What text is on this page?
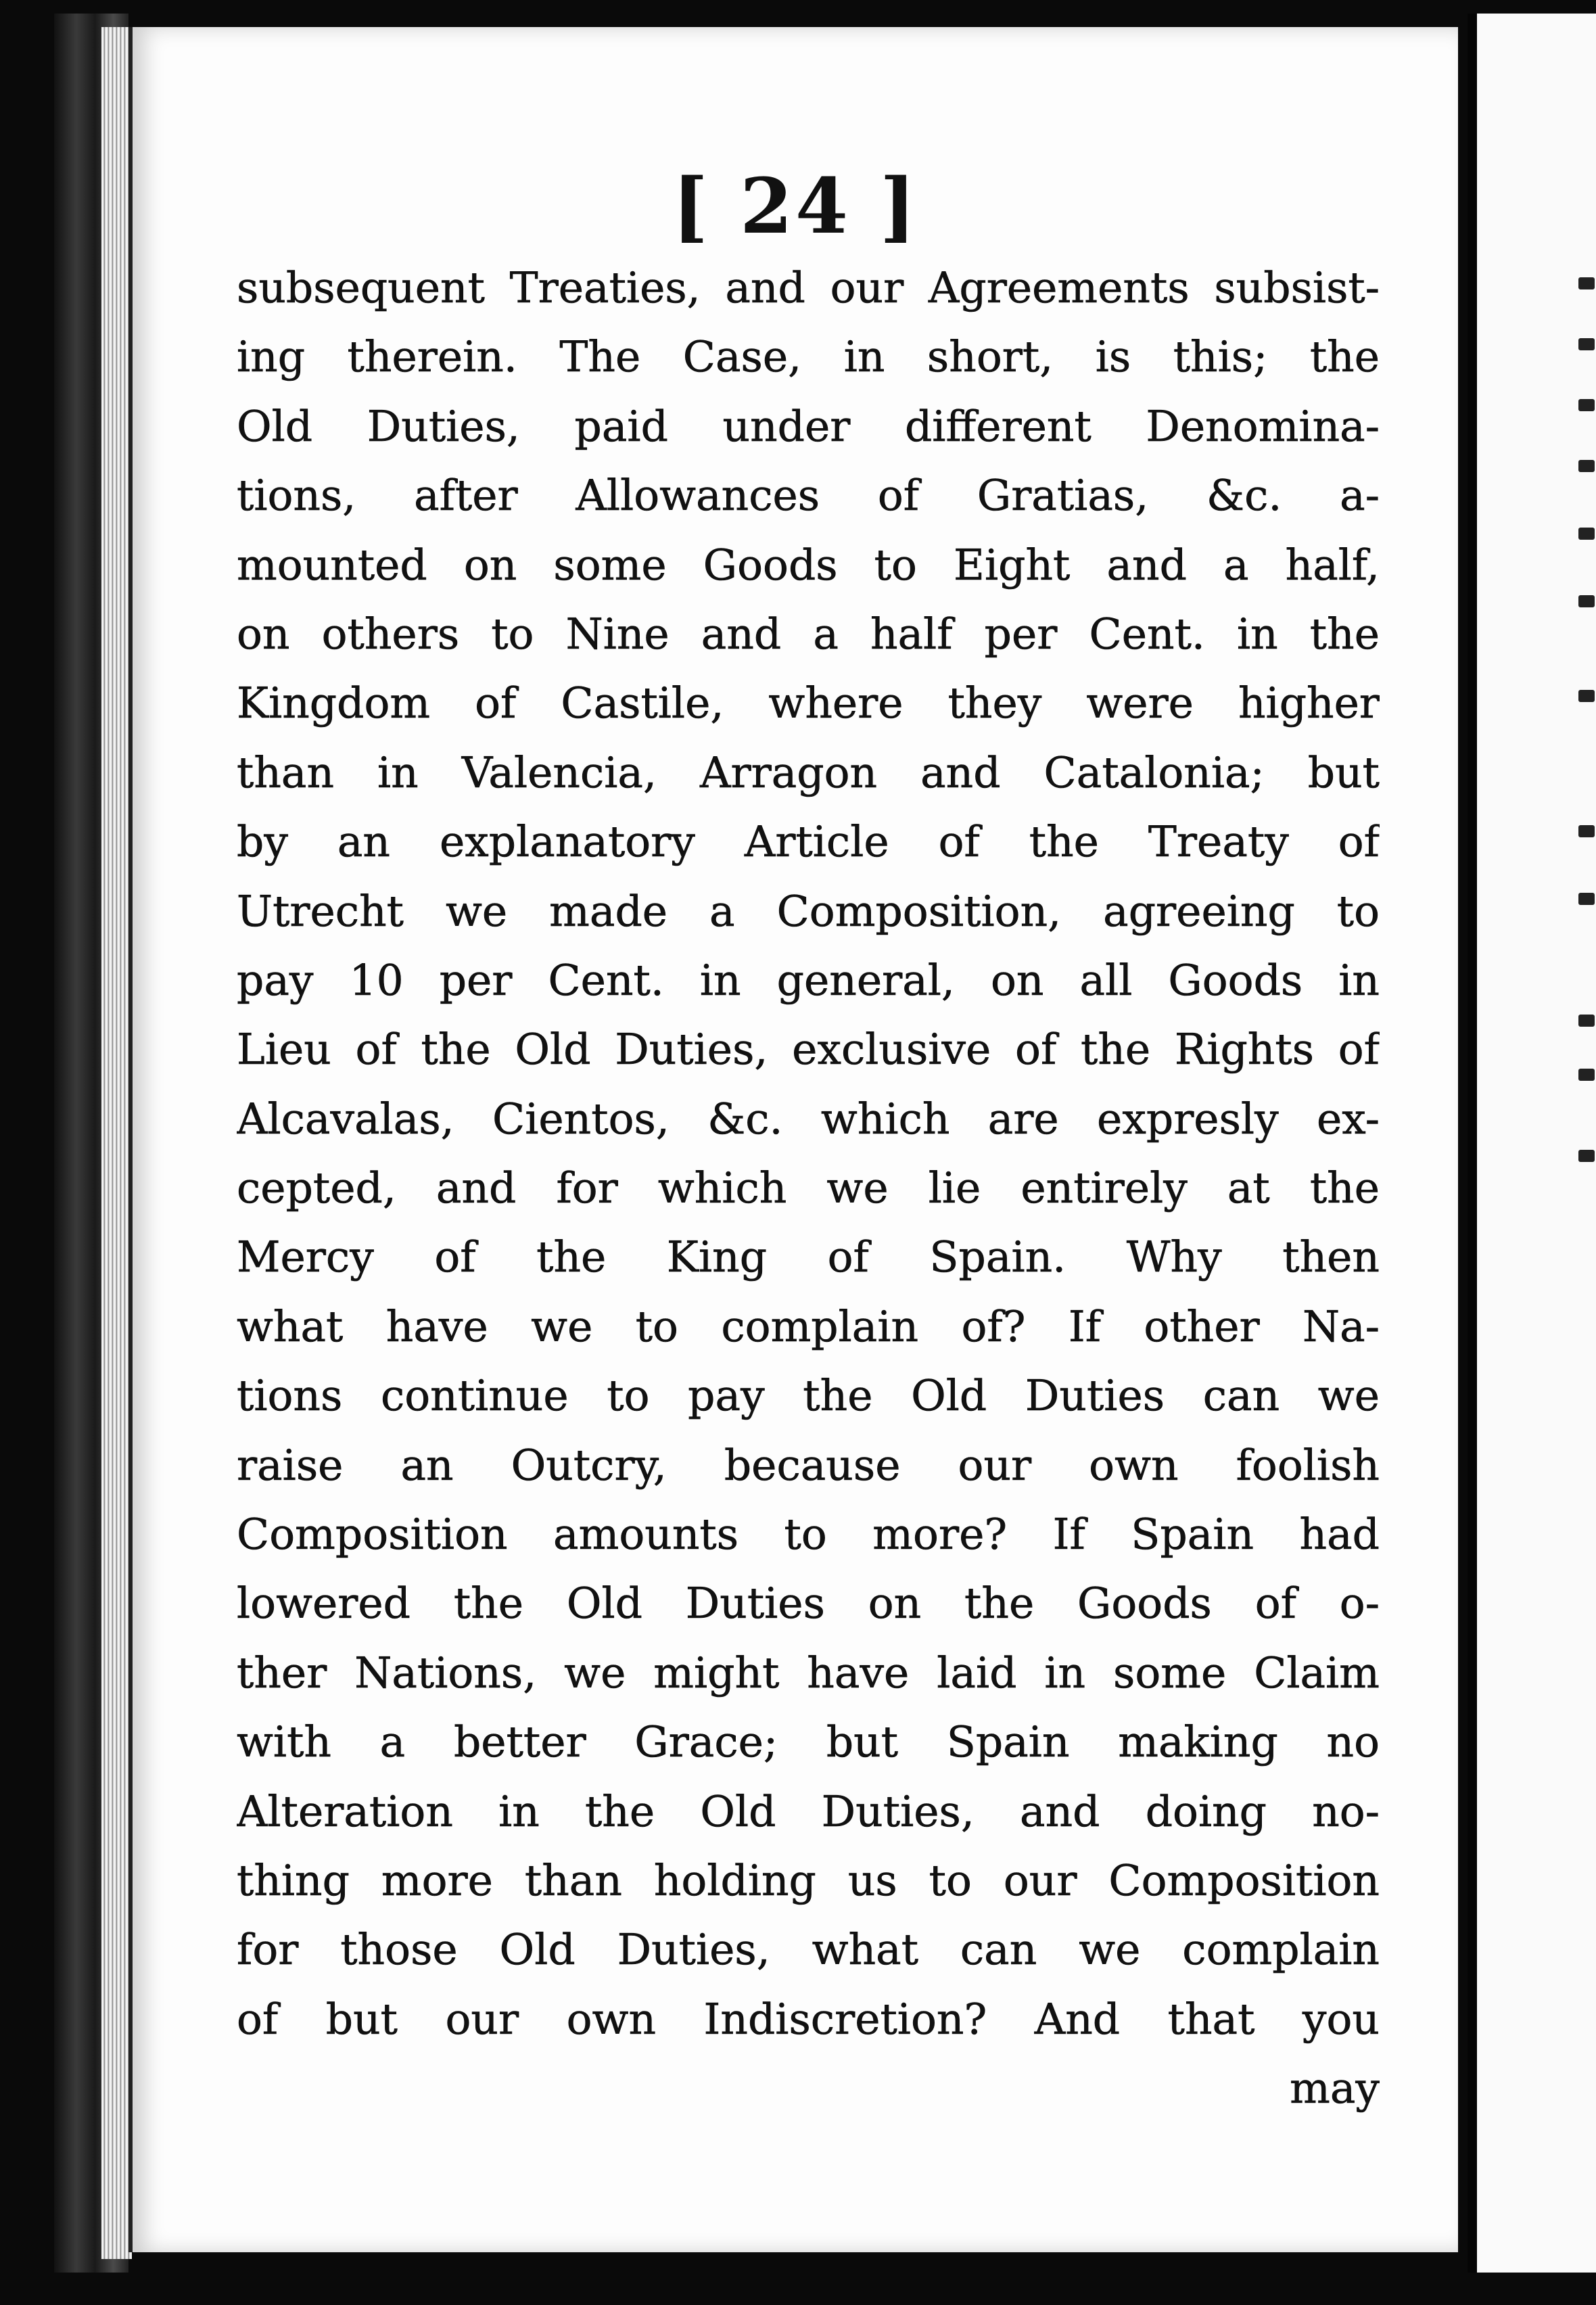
[ 24 ]
subsequent Treaties, and our Agreements subsist-
ing therein. The Case, in short, is this; the
Old Duties, paid under different Denomina-
tions, after Allowances of Gratias, &c. a-
mounted on some Goods to Eight and a half,
on others to Nine and a half per Cent. in the
Kingdom of Castile, where they were higher
than in Valencia, Arragon and Catalonia; but
by an explanatory Article of the Treaty of
Utrecht we made a Composition, agreeing to
pay 10 per Cent. in general, on all Goods in
Lieu of the Old Duties, exclusive of the Rights of
Alcavalas, Cientos, &c. which are expresly ex-
cepted, and for which we lie entirely at the
Mercy of the King of Spain. Why then
what have we to complain of? If other Na-
tions continue to pay the Old Duties can we
raise an Outcry, because our own foolish
Composition amounts to more? If Spain had
lowered the Old Duties on the Goods of o-
ther Nations, we might have laid in some Claim
with a better Grace; but Spain making no
Alteration in the Old Duties, and doing no-
thing more than holding us to our Composition
for those Old Duties, what can we complain
of but our own Indiscretion? And that you
may
